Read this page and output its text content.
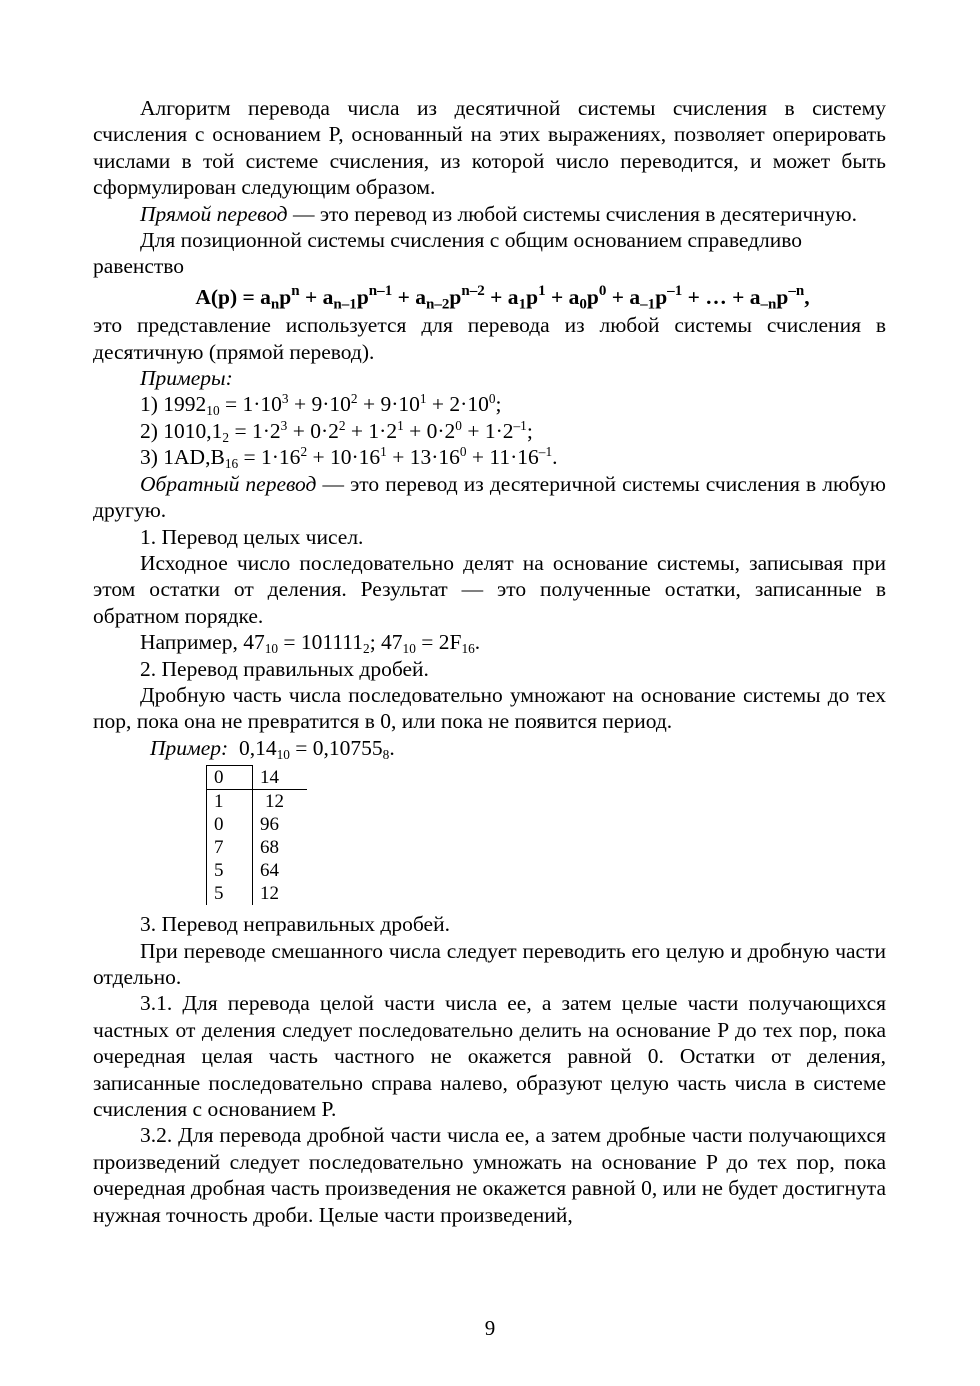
Алгоритм перевода числа из десятичной системы счисления в систему счисления с основанием P, основанный на этих выражениях, позволяет оперировать числами в той системе счисления, из которой число переводится, и может быть сформулирован следующим образом.

Прямой перевод — это перевод из любой системы счисления в десятеричную.

Для позиционной системы счисления с общим основанием справедливо равенство

$A(p) = a_np^n + a_{n-1}p^{n-1} + a_{n-2}p^{n-2} + a_1p^1 + a_0p^0 + a_{-1}p^{-1}$ + … + $a_{-n}p^{-n}$,

это представление используется для перевода из любой системы счисления в десятичную (прямой перевод).

Примеры:

1) $1992_{10} = 1\cdot 10^3 + 9\cdot 10^2 + 9\cdot 10^1 + 2\cdot 10^0$;

2) $1010,1_2 = 1\cdot 2^3 + 0\cdot 2^2 + 1\cdot 2^1 + 0\cdot 2^0 + 1\cdot 2^{-1}$;

3) $1AD,B_{16} = 1\cdot 16^2 + 10\cdot 16^1 + 13\cdot 16^0 + 11\cdot 16^{-1}$.

Обратный перевод — это перевод из десятеричной системы счисления в любую другую.

1. Перевод целых чисел.

Исходное число последовательно делят на основание системы, записывая при этом остатки от деления. Результат — это полученные остатки, записанные в обратном порядке.

Например, $47_{10} = 101111_2$; $47_{10} = 2F_{16}$.

2. Перевод правильных дробей.

Дробную часть числа последовательно умножают на основание системы до тех пор, пока она не превратится в 0, или пока не появится период.

Пример: $0,14_{10} = 0,10755_8$.

0	14
1	12
0	96
7	68
5	64
5	12

3. Перевод неправильных дробей.

При переводе смешанного числа следует переводить его целую и дробную части отдельно.

3.1. Для перевода целой части числа ее, а затем целые части получающихся частных от деления следует последовательно делить на основание P до тех пор, пока очередная целая часть частного не окажется равной 0. Остатки от деления, записанные последовательно справа налево, образуют целую часть числа в системе счисления с основанием P.

3.2. Для перевода дробной части числа ее, а затем дробные части получающихся произведений следует последовательно умножать на основание P до тех пор, пока очередная дробная часть произведения не окажется равной 0, или не будет достигнута нужная точность дроби. Целые части произведений,

9
